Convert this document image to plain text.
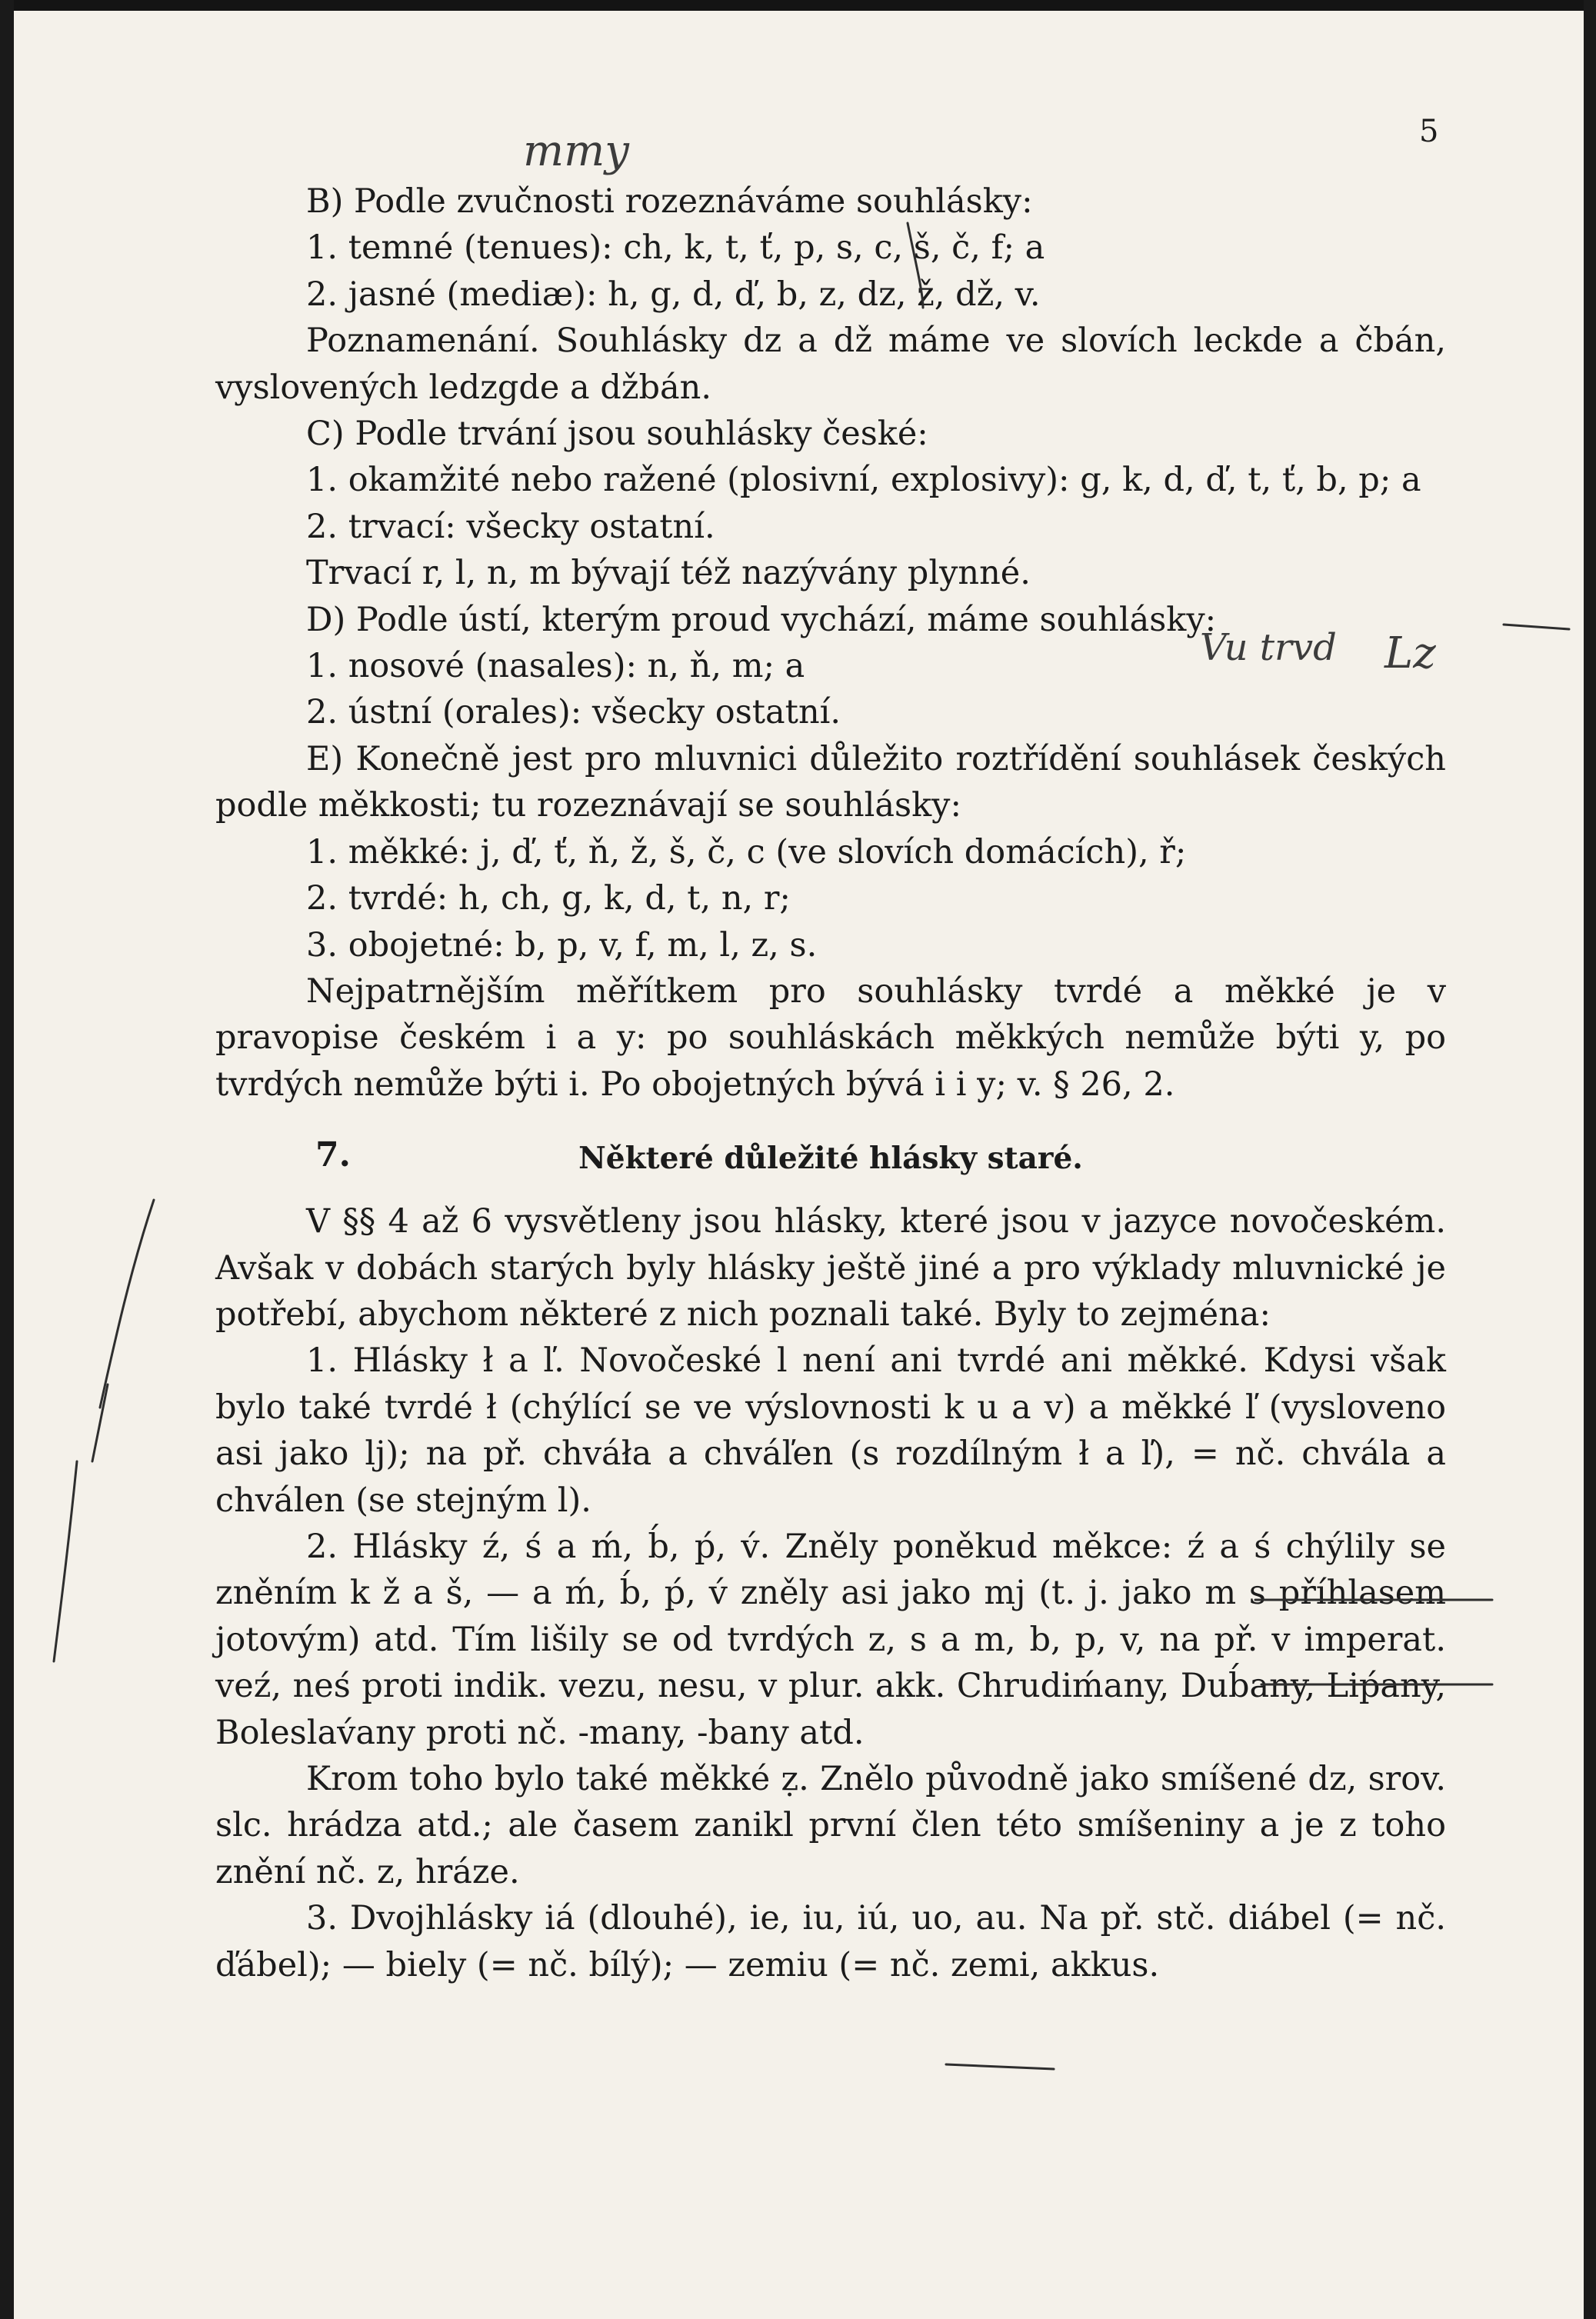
5

B) Podle zvučnosti rozeznáváme souhlásky:

1. temné (tenues): ch, k, t, ť, p, s, c, š, č, f; a

2. jasné (mediæ): h, g, d, ď, b, z, dz, ž, dž, v.

Poznamenání. Souhlásky dz a dž máme ve slovích leckde a čbán, vyslovených ledzgde a džbán.

C) Podle trvání jsou souhlásky české:

1. okamžité nebo ražené (plosivní, explosivy): g, k, d, ď, t, ť, b, p; a

2. trvací: všecky ostatní.

Trvací r, l, n, m bývají též nazývány plynné.

D) Podle ústí, kterým proud vychází, máme souhlásky:

1. nosové (nasales): n, ň, m; a

2. ústní (orales): všecky ostatní.

E) Konečně jest pro mluvnici důležito roztřídění souhlásek českých podle měkkosti; tu rozeznávají se souhlásky:

1. měkké: j, ď, ť, ň, ž, š, č, c (ve slovích domácích), ř;

2. tvrdé: h, ch, g, k, d, t, n, r;

3. obojetné: b, p, v, f, m, l, z, s.

Nejpatrnějším měřítkem pro souhlásky tvrdé a měkké je v pravopise českém i a y: po souhláskách měkkých nemůže býti y, po tvrdých nemůže býti i. Po obojetných bývá i i y; v. § 26, 2.

7.	Některé důležité hlásky staré.

V §§ 4 až 6 vysvětleny jsou hlásky, které jsou v jazyce novočeském. Avšak v dobách starých byly hlásky ještě jiné a pro výklady mluvnické je potřebí, abychom některé z nich poznali také. Byly to zejména:

1. Hlásky ł a ľ. Novočeské l není ani tvrdé ani měkké. Kdysi však bylo také tvrdé ł (chýlící se ve výslovnosti k u a v) a měkké ľ (vysloveno asi jako lj); na př. chváła a chváľen (s rozdílným ł a ľ), = nč. chvála a chválen (se stejným l).

2. Hlásky ź, ś a ḿ, b́, ṕ, v́. Zněly poněkud měkce: ź a ś chýlily se zněním k ž a š, — a ḿ, b́, ṕ, v́ zněly asi jako mj (t. j. jako m s příhlasem jotovým) atd. Tím lišily se od tvrdých z, s a m, b, p, v, na př. v imperat. veź, neś proti indik. vezu, nesu, v plur. akk. Chrudiḿany, Dub́any, Liṕany, Boleslav́any proti nč. -many, -bany atd.

Krom toho bylo také měkké ẓ. Znělo původně jako smíšené dz, srov. slc. hrádza atd.; ale časem zanikl první člen této smíšeniny a je z toho znění nč. z, hráze.

3. Dvojhlásky iá (dlouhé), ie, iu, iú, uo, au. Na př. stč. diábel (= nč. ďábel); — biely (= nč. bílý); — zemiu (= nč. zemi, akkus.

mmy
Vu trvd Lz
